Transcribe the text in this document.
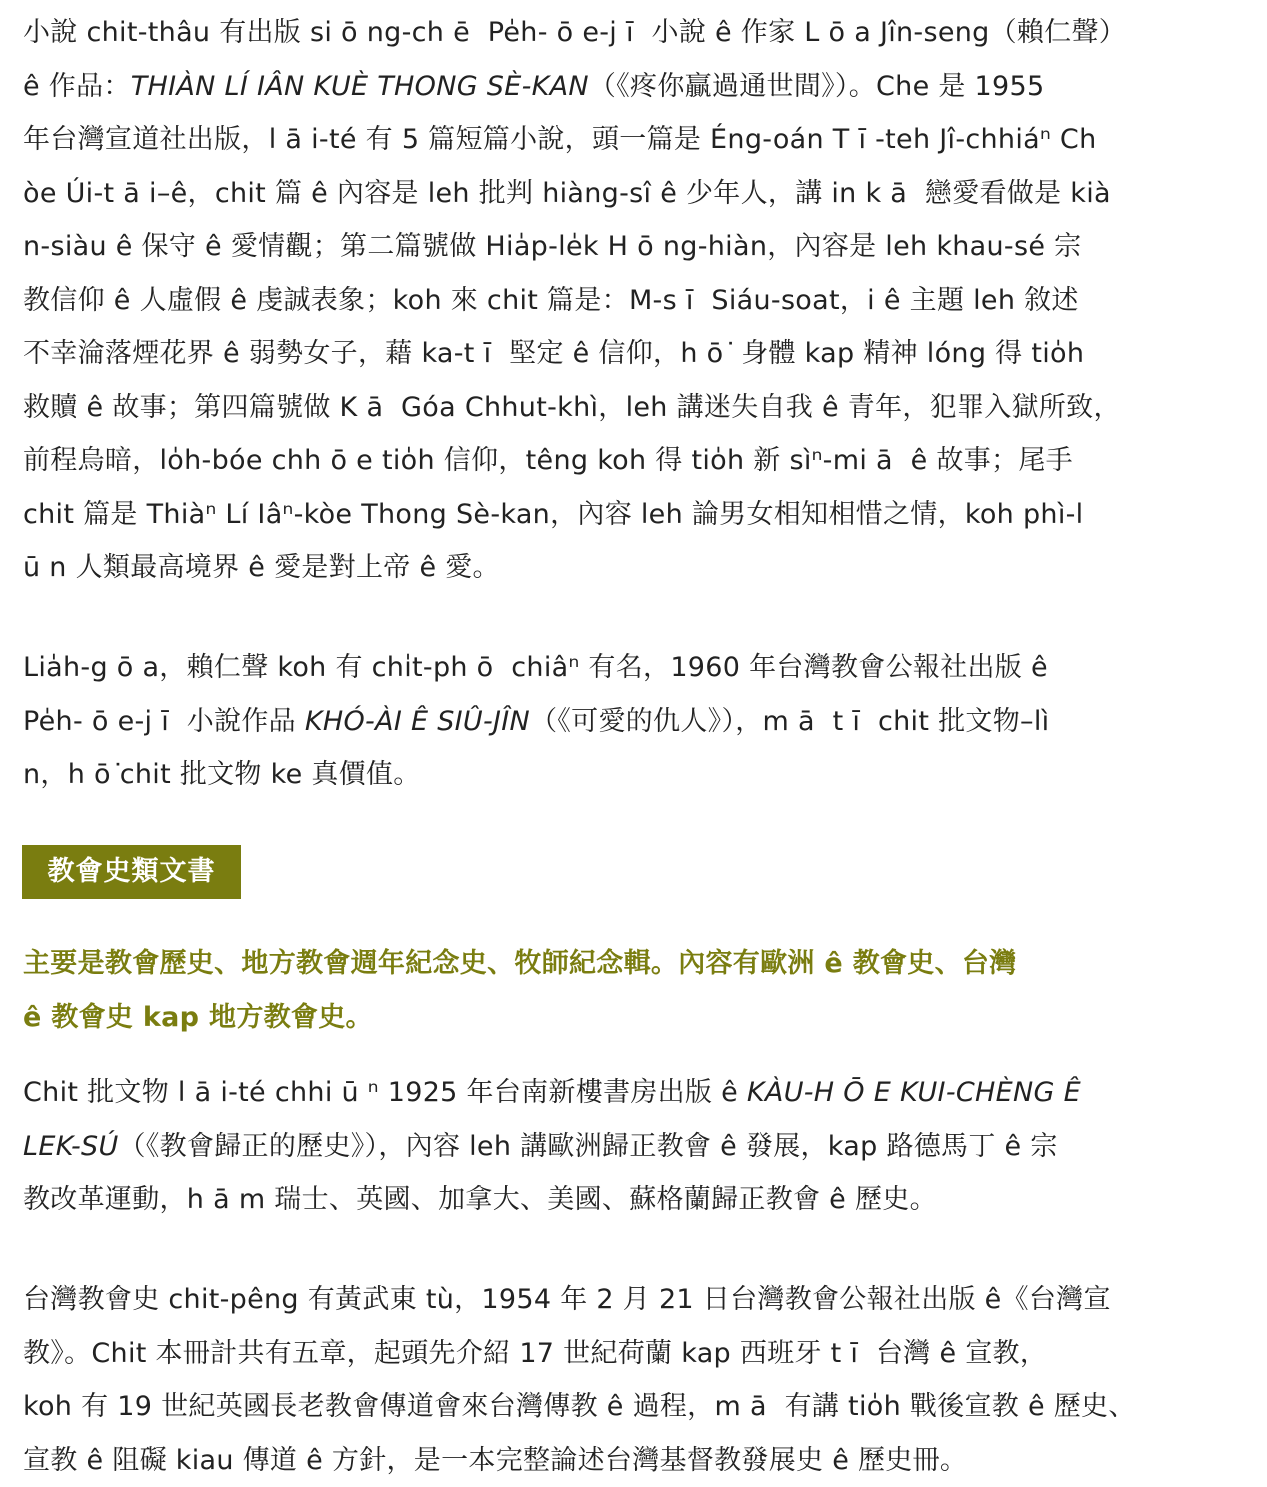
小說 chit-thâu 有出版 si ō ng-ch ē  Pe̍h- ō e-j ī  小說 ê 作家 L ō a Jîn-seng（賴仁聲）
ê 作品：THIÀN LÍ IÂN KUÈ THONG SÈ-KAN（《疼你贏過通世間》）。Che 是 1955
年台灣宣道社出版，l ā i-té 有 5 篇短篇小說，頭一篇是 Éng-oán T ī -teh Jî-chhiáⁿ Ch
òe Úi-t ā i–ê，chit 篇 ê 內容是 leh 批判 hiàng-sî ê 少年人，講 in k ā  戀愛看做是 kià
n-siàu ê 保守 ê 愛情觀；第二篇號做 Hia̍p-le̍k H ō ng-hiàn，內容是 leh khau-sé 宗
教信仰 ê 人虛假 ê 虔誠表象；koh 來 chit 篇是：M-s ī  Siáu-soat，i ê 主題 leh 敘述
不幸淪落煙花界 ê 弱勢女子，藉 ka-t ī  堅定 ê 信仰，h ō ͘ 身體 kap 精神 lóng 得 tio̍h
救贖 ê 故事；第四篇號做 K ā  Góa Chhut-khì，leh 講迷失自我 ê 青年，犯罪入獄所致，
前程烏暗，lo̍h-bóe chh ō e tio̍h 信仰，têng koh 得 tio̍h 新 sìⁿ-mi ā  ê 故事；尾手
chit 篇是 Thiàⁿ Lí Iâⁿ-kòe Thong Sè-kan，內容 leh 論男女相知相惜之情，koh phì-l
ū n 人類最高境界 ê 愛是對上帝 ê 愛。
Lia̍h-g ō a，賴仁聲 koh 有 chi̍t-ph ō  chiâⁿ 有名，1960 年台灣教會公報社出版 ê
Pe̍h- ō e-j ī  小說作品 KHÓ-ÀI Ê SIÛ-JÎN（《可愛的仇人》），m ā  t ī  chit 批文物–lì
n，h ō ͘chit 批文物 ke 真價值。
教會史類文書
主要是教會歷史、地方教會週年紀念史、牧師紀念輯。內容有歐洲 ê 教會史、台灣
ê 教會史 kap 地方教會史。
Chit 批文物 l ā i-té chhi ū ⁿ 1925 年台南新樓書房出版 ê KÀU-H Ō E KUI-CHÈNG Ê
LEK-SÚ（《教會歸正的歷史》），內容 leh 講歐洲歸正教會 ê 發展，kap 路德馬丁 ê 宗
教改革運動，h ā m 瑞士、英國、加拿大、美國、蘇格蘭歸正教會 ê 歷史。
台灣教會史 chit-pêng 有黃武東 tù，1954 年 2 月 21 日台灣教會公報社出版 ê《台灣宣
教》。Chit 本冊計共有五章，起頭先介紹 17 世紀荷蘭 kap 西班牙 t ī  台灣 ê 宣教，
koh 有 19 世紀英國長老教會傳道會來台灣傳教 ê 過程，m ā  有講 tio̍h 戰後宣教 ê 歷史、
宣教 ê 阻礙 kiau 傳道 ê 方針，是一本完整論述台灣基督教發展史 ê 歷史冊。
